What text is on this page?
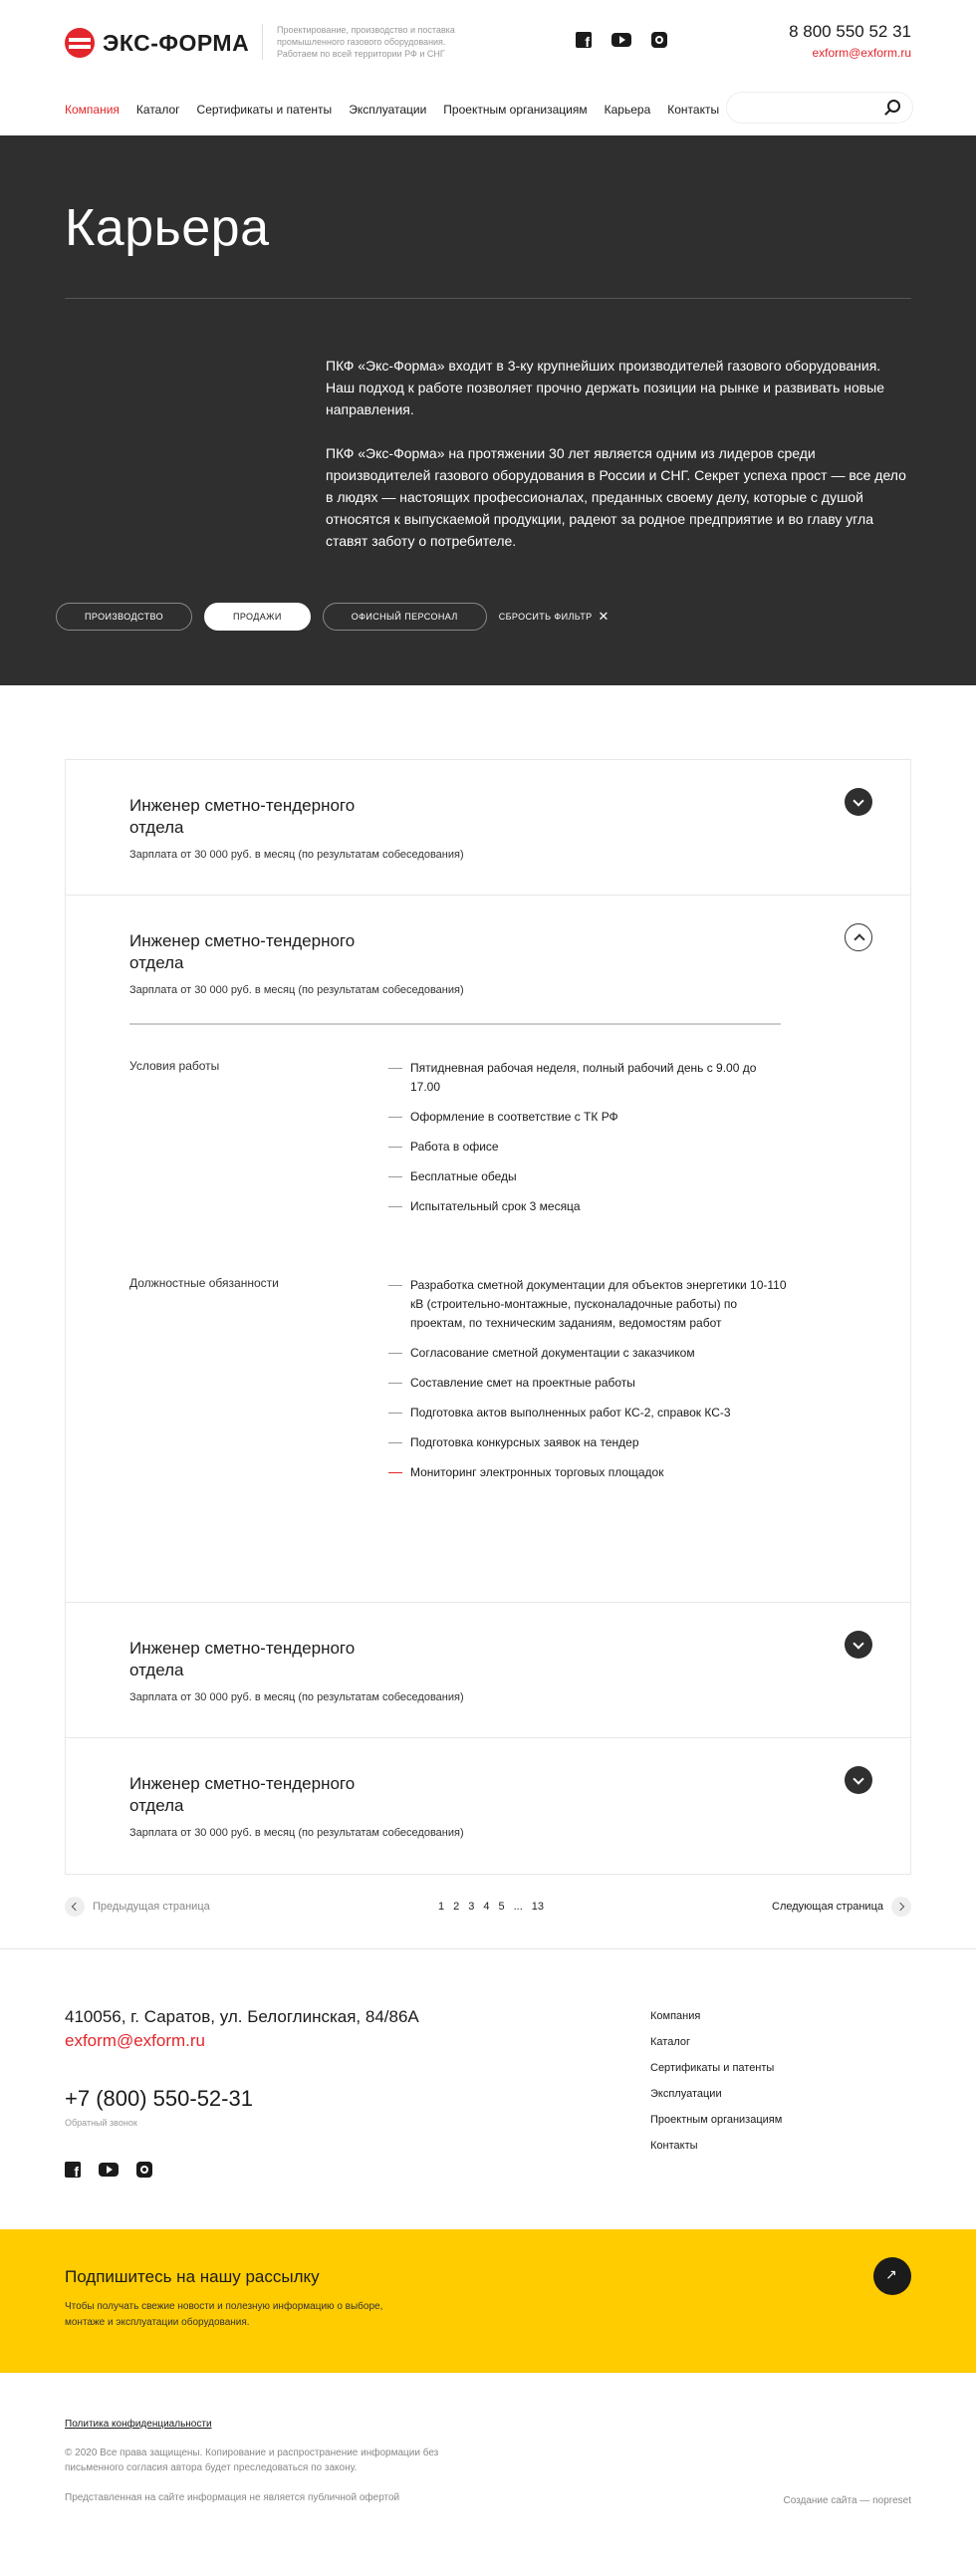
ЭКС-ФОРМА	Проектирование, производство и поставка промышленного газового оборудования. Работаем по всей территории РФ и СНГ
f
8 800 550 52 31
exform@exform.ru
Компания Каталог Сертификаты и патенты Эксплуатации Проектным организациям Карьера Контакты
Карьера

ПКФ «Экс-Форма» входит в 3-ку крупнейших производителей газового оборудования. Наш подход к работе позволяет прочно держать позиции на рынке и развивать новые направления.

ПКФ «Экс-Форма» на протяжении 30 лет является одним из лидеров среди производителей газового оборудования в России и СНГ. Секрет успеха прост — все дело в людях — настоящих профессионалах, преданных своему делу, которые с душой относятся к выпускаемой продукции, радеют за родное предприятие и во главу угла ставят заботу о потребителе.

ПРОИЗВОДСТВО	ПРОДАЖИ	ОФИСНЫЙ ПЕРСОНАЛ	СБРОСИТЬ ФИЛЬТР ✕
Инженер сметно-тендерного отдела
Зарплата от 30 000 руб. в месяц (по результатам собеседования)
Инженер сметно-тендерного отдела
Зарплата от 30 000 руб. в месяц (по результатам собеседования)
Условия работы	Пятидневная рабочая неделя, полный рабочий день с 9.00 до 17.00
Оформление в соответствие с ТК РФ
Работа в офисе
Бесплатные обеды
Испытательный срок 3 месяца
Должностные обязанности	Разработка сметной документации для объектов энергетики 10-110 кВ (строительно-монтажные, пусконаладочные работы) по проектам, по техническим заданиям, ведомостям работ
Согласование сметной документации с заказчиком
Составление смет на проектные работы
Подготовка актов выполненных работ КС-2, справок КС-3
Подготовка конкурсных заявок на тендер
Мониторинг электронных торговых площадок
Инженер сметно-тендерного отдела
Зарплата от 30 000 руб. в месяц (по результатам собеседования)
Инженер сметно-тендерного отдела
Зарплата от 30 000 руб. в месяц (по результатам собеседования)
Предыдущая страница	1 2 3 4 5 ... 13	Следующая страница
410056, г. Саратов, ул. Белоглинская, 84/86А
exform@exform.ru
+7 (800) 550-52-31
Обратный звонок
f
Компания
Каталог
Сертификаты и патенты
Эксплуатации
Проектным организациям
Контакты
Подпишитесь на нашу рассылку
Чтобы получать свежие новости и полезную информацию о выборе, монтаже и эксплуатации оборудования.
↗
Политика конфиденциальности
© 2020 Все права защищены. Копирование и распространение информации без письменного согласия автора будет преследоваться по закону.
Представленная на сайте информация не является публичной офертой	Создание сайта — nopreset
